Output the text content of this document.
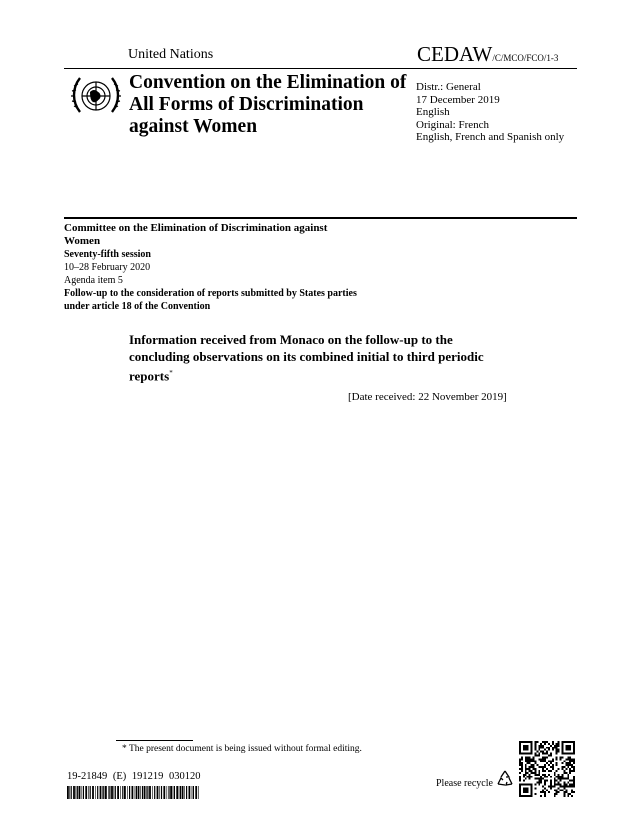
United Nations	CEDAW/C/MCO/FCO/1-3
Convention on the Elimination of All Forms of Discrimination against Women
Distr.: General
17 December 2019
English
Original: French
English, French and Spanish only
Committee on the Elimination of Discrimination against Women
Seventy-fifth session
10–28 February 2020
Agenda item 5
Follow-up to the consideration of reports submitted by States parties under article 18 of the Convention
Information received from Monaco on the follow-up to the concluding observations on its combined initial to third periodic reports*
[Date received: 22 November 2019]
* The present document is being issued without formal editing.
19-21849 (E) 191219 030120
Please recycle
